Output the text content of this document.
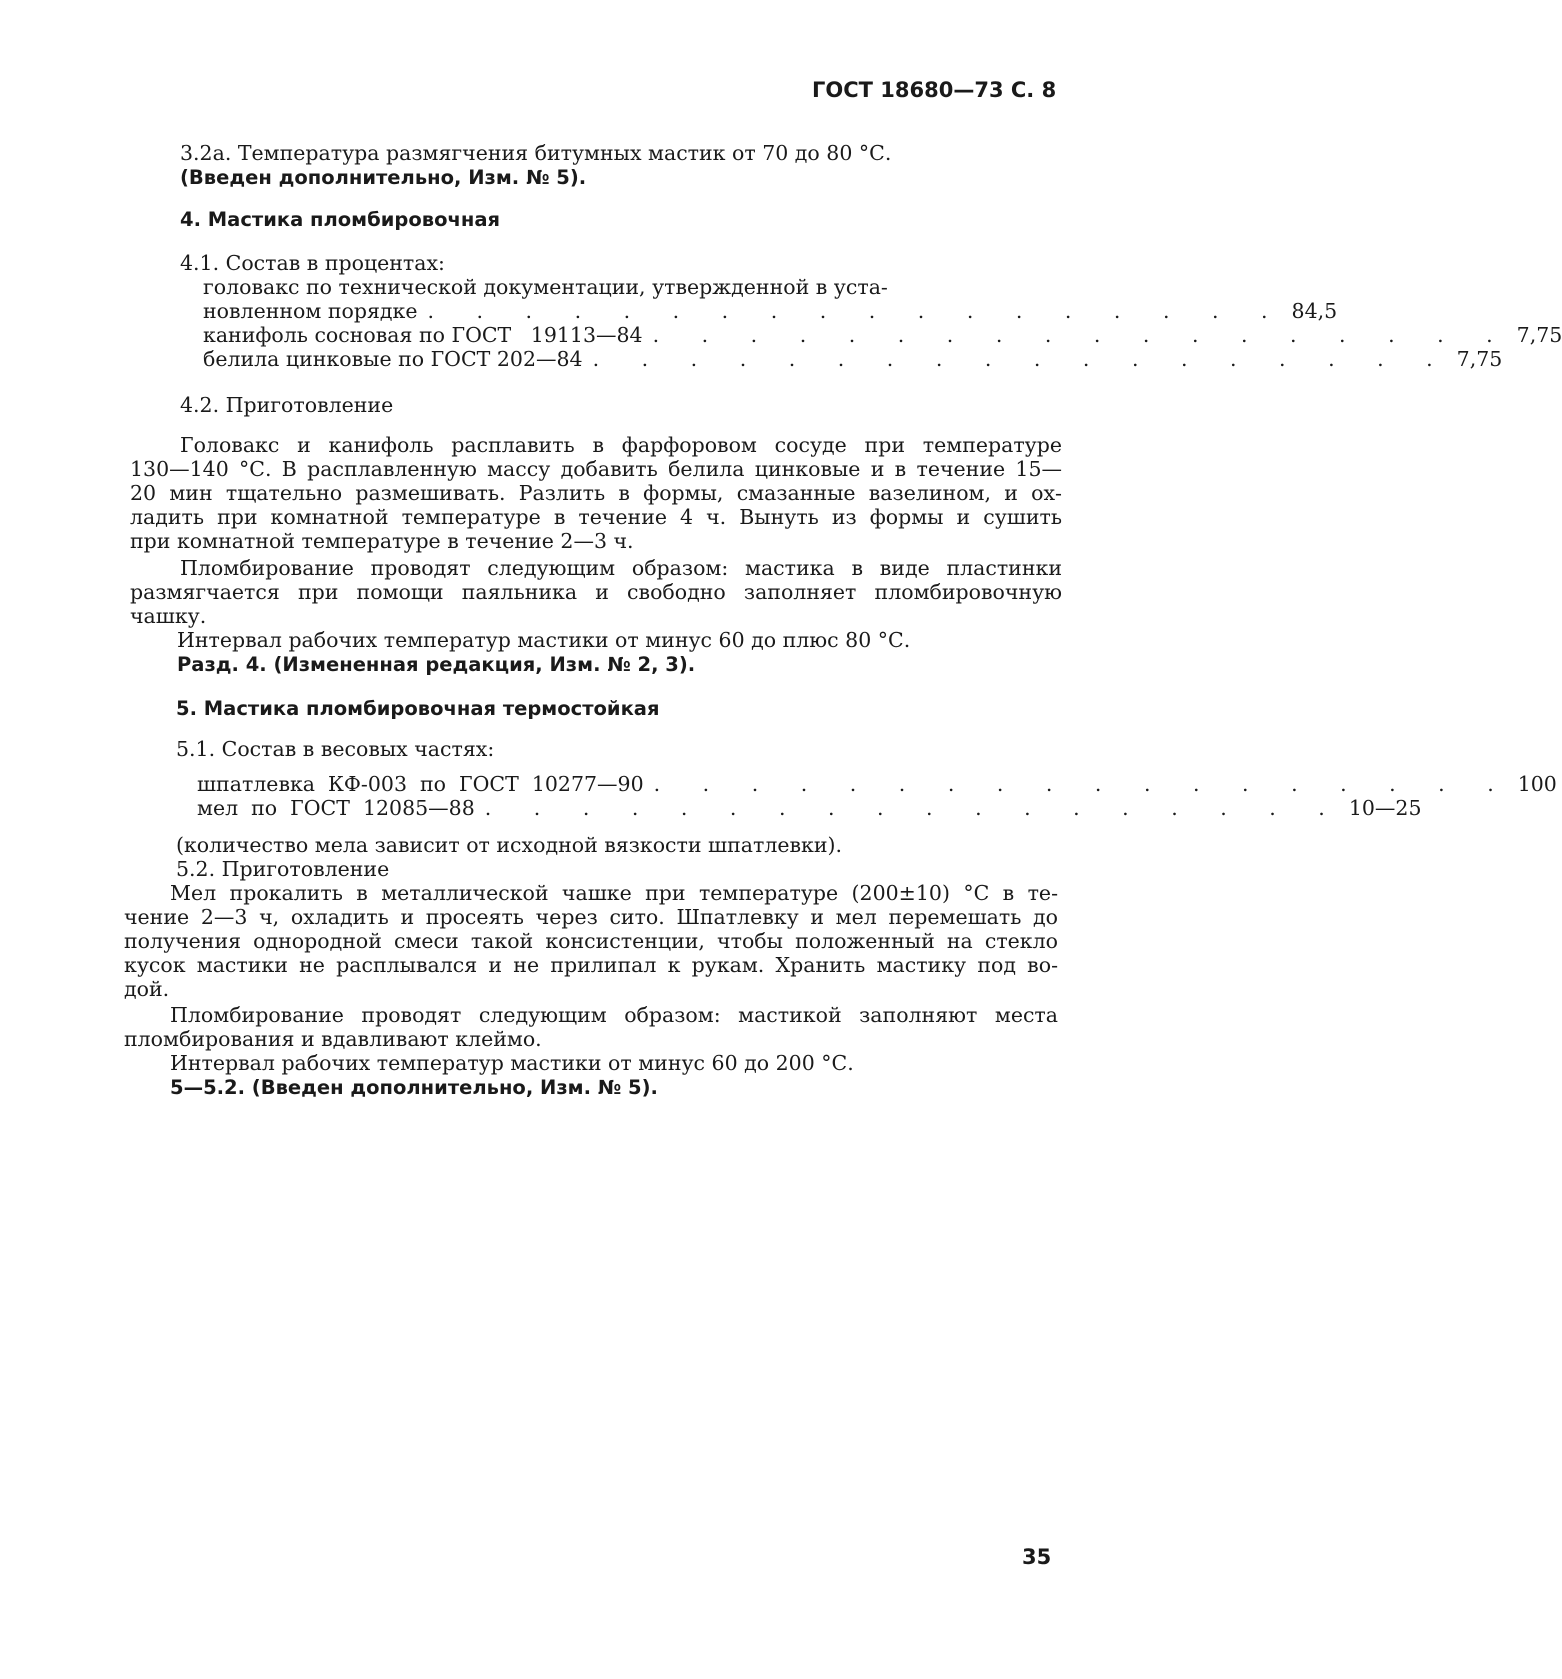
ГОСТ 18680—73 С. 8
3.2а. Температура размягчения битумных мастик от 70 до 80 °С.
(Введен дополнительно, Изм. № 5).
4. Мастика пломбировочная
4.1. Состав в процентах:
головакс по технической документации, утвержденной в уста-
новленном порядке . . . . . . . . . . . . . . . . . . 84,5
канифоль сосновая по ГОСТ   19113—84 . . . . . . . . . . . . . . . . . . 7,75
белила цинковые по ГОСТ 202—84 . . . . . . . . . . . . . . . . . . 7,75
4.2. Приготовление
Головакс и канифоль расплавить в фарфоровом сосуде при температуре
130—140 °С. В расплавленную массу добавить белила цинковые и в течение 15—
20 мин тщательно размешивать. Разлить в формы, смазанные вазелином, и ох-
ладить при комнатной температуре в течение 4 ч. Вынуть из формы и сушить
при комнатной температуре в течение 2—3 ч.
Пломбирование проводят следующим образом: мастика в виде пластинки
размягчается при помощи паяльника и свободно заполняет пломбировочную
чашку.
Интервал рабочих температур мастики от минус 60 до плюс 80 °С.
Разд. 4. (Измененная редакция, Изм. № 2, 3).
5. Мастика пломбировочная термостойкая
5.1. Состав в весовых частях:
шпатлевка  КФ-003  по  ГОСТ  10277—90 . . . . . . . . . . . . . . . . . . 100
мел  по  ГОСТ  12085—88 . . . . . . . . . . . . . . . . . . 10—25
(количество мела зависит от исходной вязкости шпатлевки).
5.2. Приготовление
Мел прокалить в металлической чашке при температуре (200±10) °С в те-
чение 2—3 ч, охладить и просеять через сито. Шпатлевку и мел перемешать до
получения однородной смеси такой консистенции, чтобы положенный на стекло
кусок мастики не расплывался и не прилипал к рукам. Хранить мастику под во-
дой.
Пломбирование проводят следующим образом: мастикой заполняют места
пломбирования и вдавливают клеймо.
Интервал рабочих температур мастики от минус 60 до 200 °С.
5—5.2. (Введен дополнительно, Изм. № 5).
35
